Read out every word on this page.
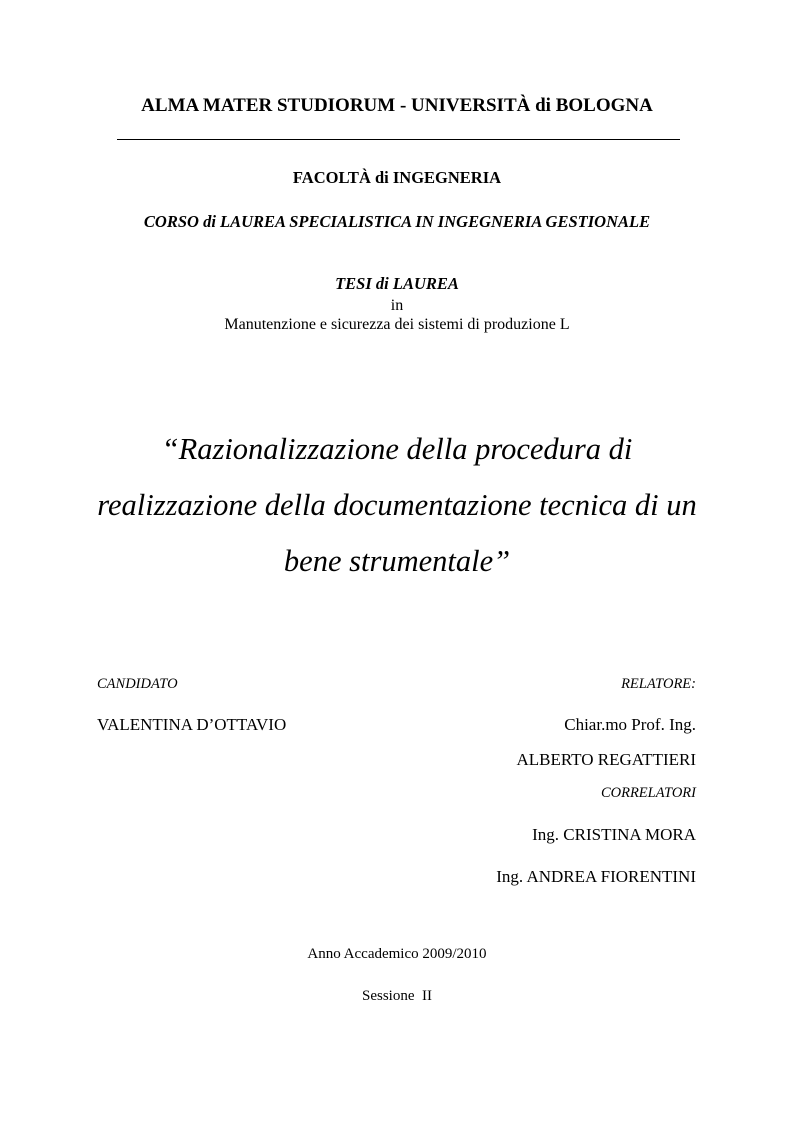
ALMA MATER STUDIORUM - UNIVERSITÀ di BOLOGNA
FACOLTÀ di INGEGNERIA
CORSO di LAUREA SPECIALISTICA IN INGEGNERIA GESTIONALE
TESI di LAUREA
in
Manutenzione e sicurezza dei sistemi di produzione L
“Razionalizzazione della procedura di
realizzazione della documentazione tecnica di un
bene strumentale”
CANDIDATO
VALENTINA D’OTTAVIO
RELATORE:
Chiar.mo Prof. Ing.
ALBERTO REGATTIERI
CORRELATORI
Ing. CRISTINA MORA
Ing. ANDREA FIORENTINI
Anno Accademico 2009/2010
Sessione  II
